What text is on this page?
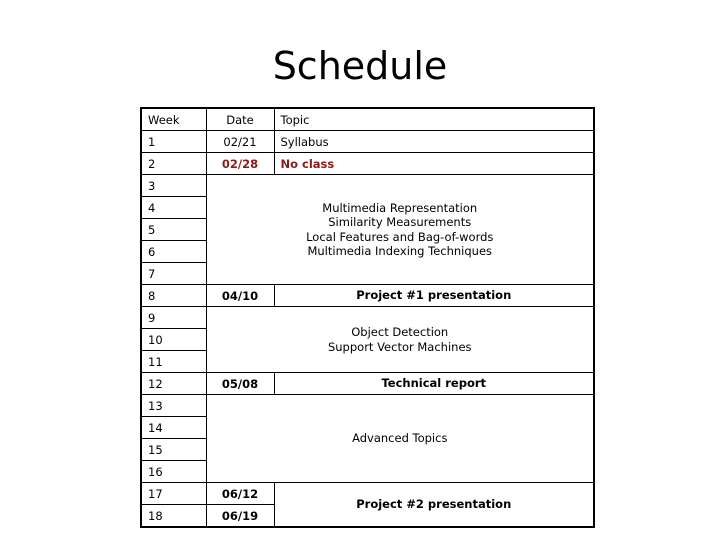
Schedule
Week	Date	Topic
1	02/21	Syllabus
2	02/28	No class
3	Multimedia Representation
Similarity Measurements
Local Features and Bag-of-words
Multimedia Indexing Techniques	

4		
5		
6		
7		
8	04/10	Project #1 presentation
9	Object Detection
Support Vector Machines	

10		
11		
12	05/08	Technical report
13	Advanced Topics	
14		
15		
16		
17	06/12	Project #2 presentation
18	06/19	
